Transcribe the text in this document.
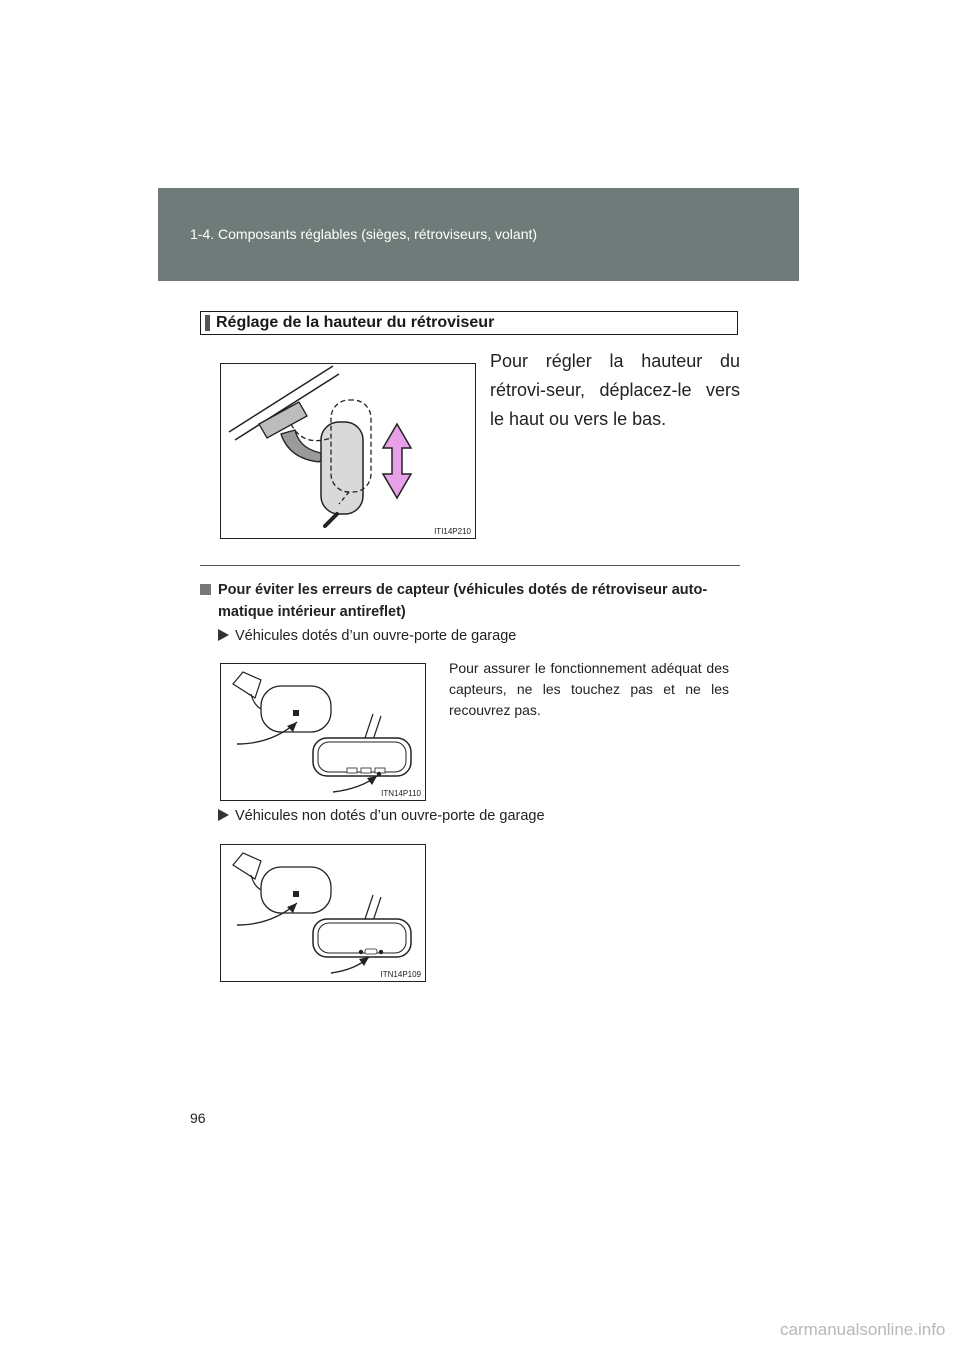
1-4. Composants réglables (sièges, rétroviseurs, volant)
Réglage de la hauteur du rétroviseur
ITI14P210
Pour régler la hauteur du rétrovi-seur, déplacez-le vers le haut ou vers le bas.
Pour éviter les erreurs de capteur (véhicules dotés de rétroviseur auto-matique intérieur antireflet)
Véhicules dotés d’un ouvre-porte de garage
ITN14P110
Pour assurer le fonctionnement adéquat des capteurs, ne les touchez pas et ne les recouvrez pas.
Véhicules non dotés d’un ouvre-porte de garage
ITN14P109
96
carmanualsonline.info
